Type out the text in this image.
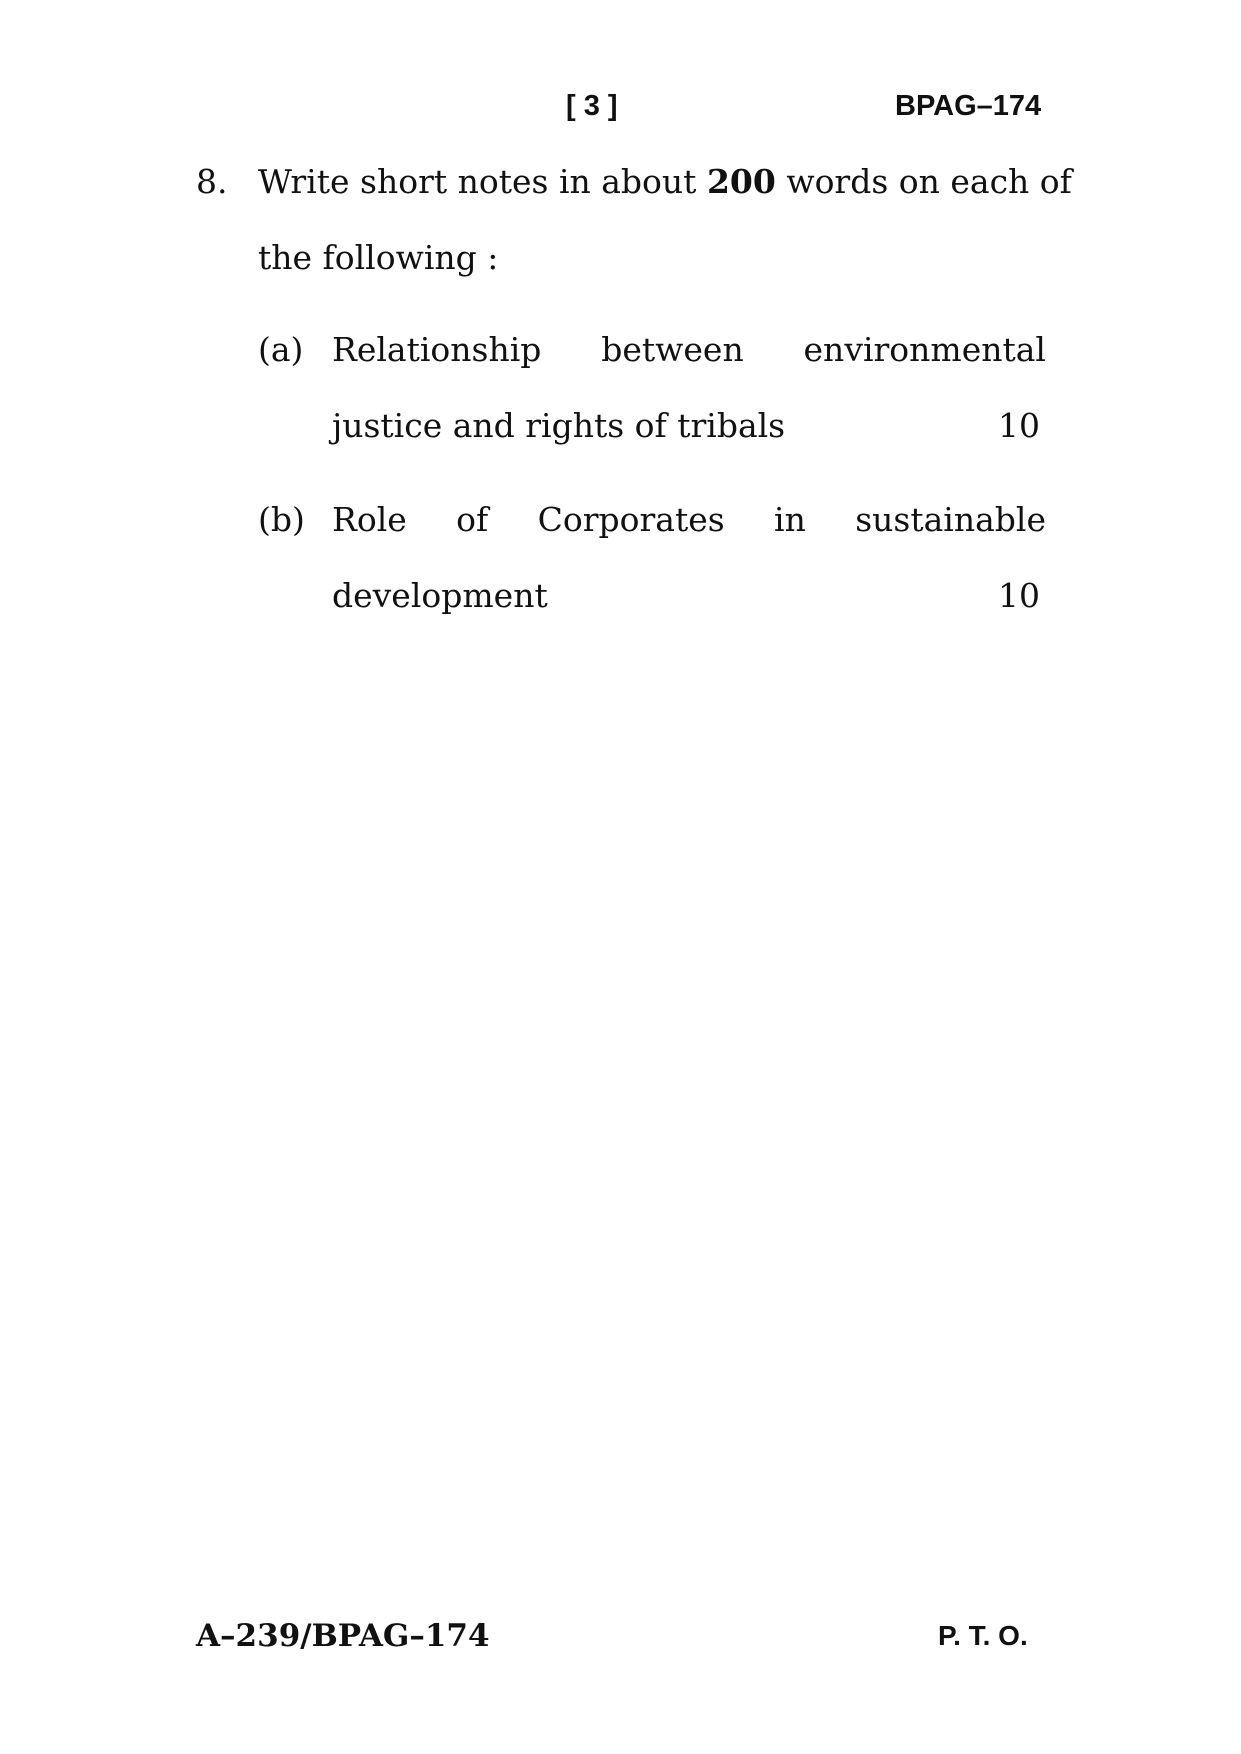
[ 3 ]	BPAG–174
8. Write short notes in about 200 words on each of
the following :
(a) Relationship between environmental
justice and rights of tribals	10
(b) Role of Corporates in sustainable
development	10
A–239/BPAG–174	P. T. O.
